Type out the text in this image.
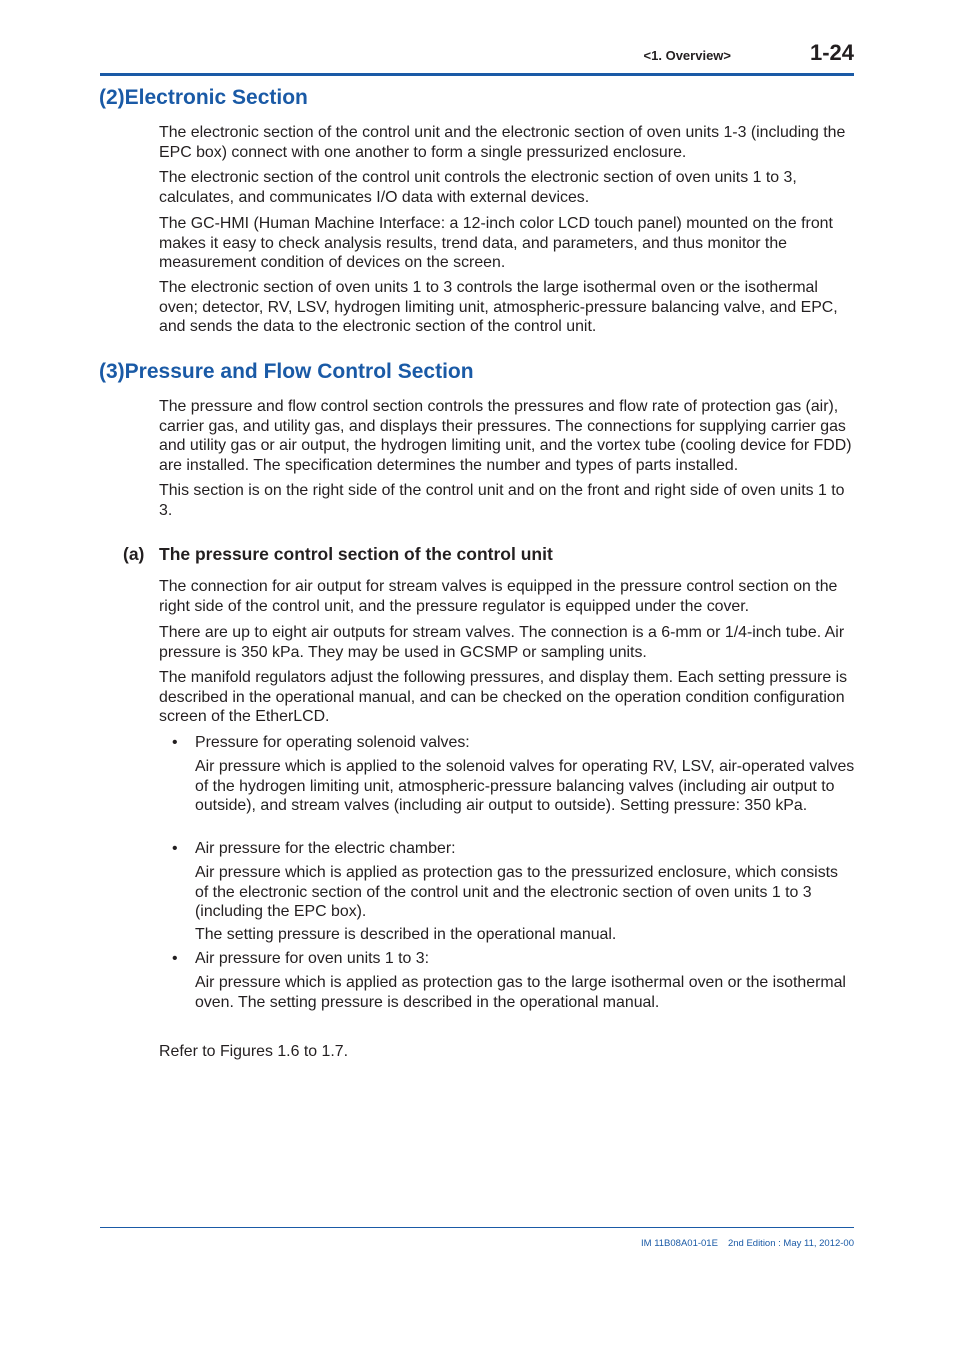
<1. Overview>	1-24
(2)Electronic Section

The electronic section of the control unit and the electronic section of oven units 1-3 (including the EPC box) connect with one another to form a single pressurized enclosure.

The electronic section of the control unit controls the electronic section of oven units 1 to 3, calculates, and communicates I/O data with external devices.

The GC-HMI (Human Machine Interface: a 12-inch color LCD touch panel) mounted on the front makes it easy to check analysis results, trend data, and parameters, and thus monitor the measurement condition of devices on the screen.

The electronic section of oven units 1 to 3 controls the large isothermal oven or the isothermal oven; detector, RV, LSV, hydrogen limiting unit, atmospheric-pressure balancing valve, and EPC, and sends the data to the electronic section of the control unit.

(3)Pressure and Flow Control Section

The pressure and flow control section controls the pressures and flow rate of protection gas (air), carrier gas, and utility gas, and displays their pressures. The connections for supplying carrier gas and utility gas or air output, the hydrogen limiting unit, and the vortex tube (cooling device for FDD) are installed. The specification determines the number and types of parts installed.

This section is on the right side of the control unit and on the front and right side of oven units 1 to 3.

(a) The pressure control section of the control unit

The connection for air output for stream valves is equipped in the pressure control section on the right side of the control unit, and the pressure regulator is equipped under the cover.

There are up to eight air outputs for stream valves. The connection is a 6-mm or 1/4-inch tube. Air pressure is 350 kPa. They may be used in GCSMP or sampling units.

The manifold regulators adjust the following pressures, and display them. Each setting pressure is described in the operational manual, and can be checked on the operation condition configuration screen of the EtherLCD.

• Pressure for operating solenoid valves:

Air pressure which is applied to the solenoid valves for operating RV, LSV, air-operated valves of the hydrogen limiting unit, atmospheric-pressure balancing valves (including air output to outside), and stream valves (including air output to outside). Setting pressure: 350 kPa.

• Air pressure for the electric chamber:

Air pressure which is applied as protection gas to the pressurized enclosure, which consists of the electronic section of the control unit and the electronic section of oven units 1 to 3 (including the EPC box).

The setting pressure is described in the operational manual.

• Air pressure for oven units 1 to 3:

Air pressure which is applied as protection gas to the large isothermal oven or the isothermal oven. The setting pressure is described in the operational manual.

Refer to Figures 1.6 to 1.7.

IM 11B08A01-01E 2nd Edition : May 11, 2012-00
